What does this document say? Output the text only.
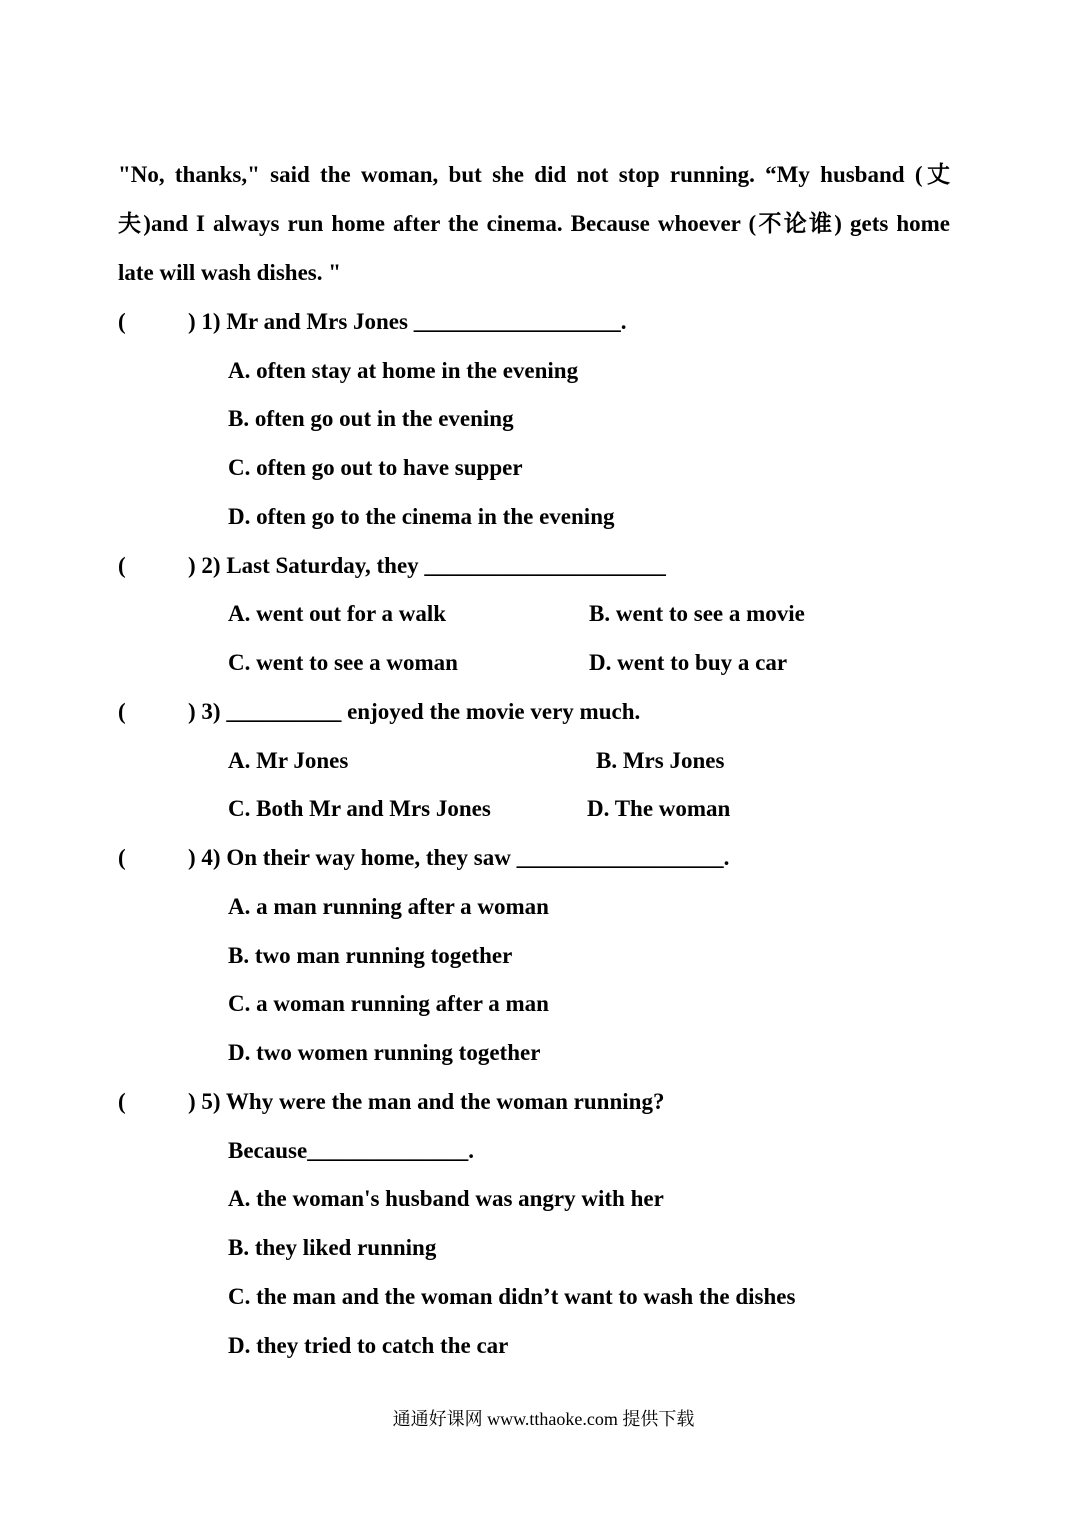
"No, thanks," said the woman, but she did not stop running. “My husband (丈夫)and I always run home after the cinema. Because whoever (不论谁) gets home late will wash dishes. "
(	) 1) Mr and Mrs Jones __________________.
A. often stay at home in the evening
B. often go out in the evening
C. often go out to have supper
D. often go to the cinema in the evening
(	) 2) Last Saturday, they _____________________
A. went out for a walk	B. went to see a movie
C. went to see a woman	D. went to buy a car
(	) 3) __________ enjoyed the movie very much.
A. Mr Jones	B. Mrs Jones
C. Both Mr and Mrs Jones	D. The woman
(	) 4) On their way home, they saw __________________.
A. a man running after a woman
B. two man running together
C. a woman running after a man
D. two women running together
(	) 5) Why were the man and the woman running?
Because______________.
A. the woman's husband was angry with her
B. they liked running
C. the man and the woman didn’t want to wash the dishes
D. they tried to catch the car
通通好课网 www.tthaoke.com 提供下载
